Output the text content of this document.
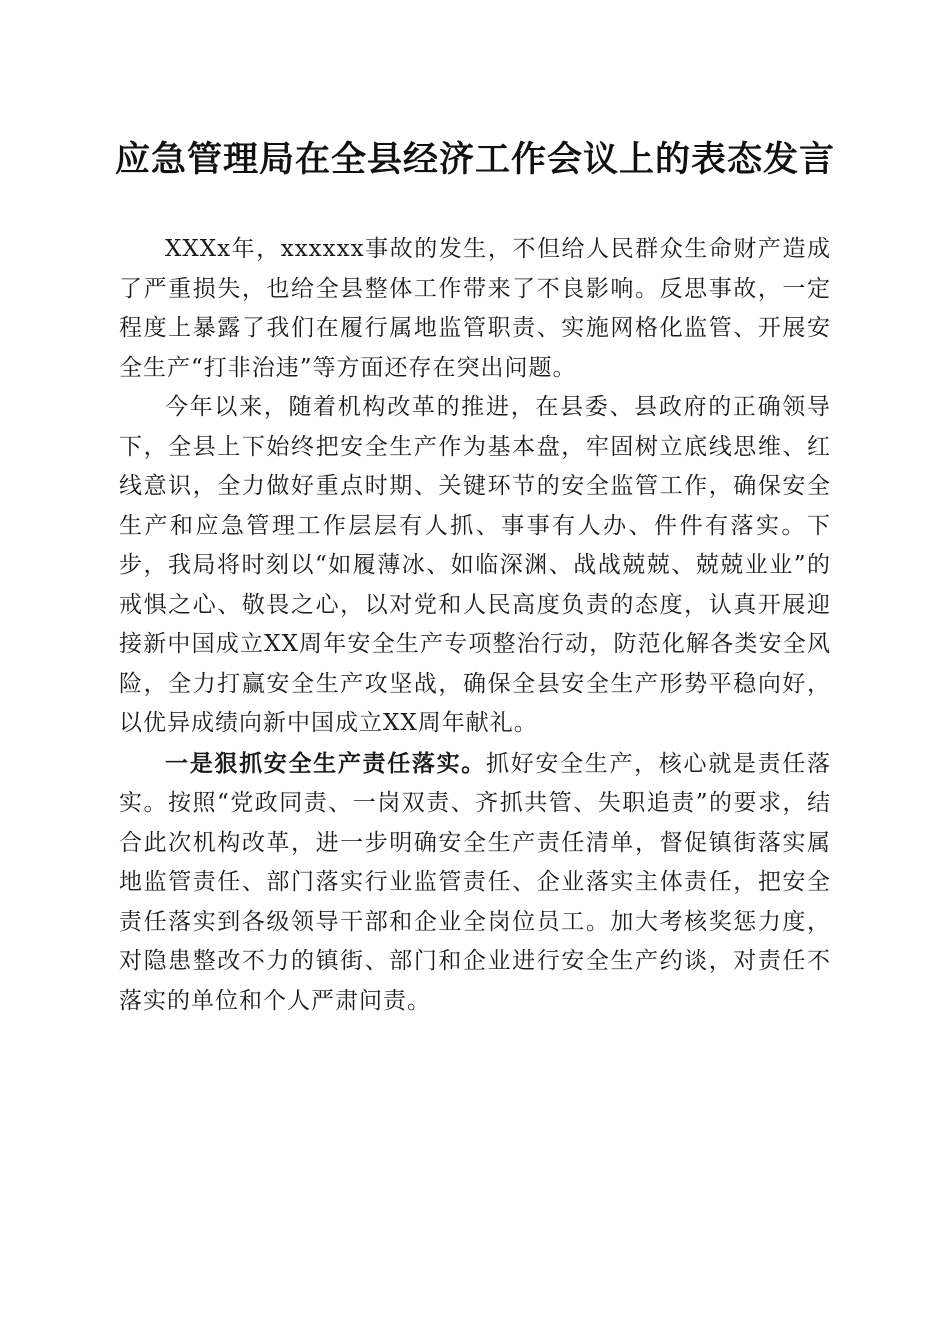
应急管理局在全县经济工作会议上的表态发言

XXXx年，xxxxxx事故的发生，不但给人民群众生命财产造成了严重损失，也给全县整体工作带来了不良影响。反思事故，一定程度上暴露了我们在履行属地监管职责、实施网格化监管、开展安全生产“打非治违”等方面还存在突出问题。

今年以来，随着机构改革的推进，在县委、县政府的正确领导下，全县上下始终把安全生产作为基本盘，牢固树立底线思维、红线意识，全力做好重点时期、关键环节的安全监管工作，确保安全生产和应急管理工作层层有人抓、事事有人办、件件有落实。下步，我局将时刻以“如履薄冰、如临深渊、战战兢兢、兢兢业业”的戒惧之心、敬畏之心，以对党和人民高度负责的态度，认真开展迎接新中国成立XX周年安全生产专项整治行动，防范化解各类安全风险，全力打赢安全生产攻坚战，确保全县安全生产形势平稳向好，以优异成绩向新中国成立XX周年献礼。

一是狠抓安全生产责任落实。抓好安全生产，核心就是责任落实。按照“党政同责、一岗双责、齐抓共管、失职追责”的要求，结合此次机构改革，进一步明确安全生产责任清单，督促镇街落实属地监管责任、部门落实行业监管责任、企业落实主体责任，把安全责任落实到各级领导干部和企业全岗位员工。加大考核奖惩力度，对隐患整改不力的镇街、部门和企业进行安全生产约谈，对责任不落实的单位和个人严肃问责。
